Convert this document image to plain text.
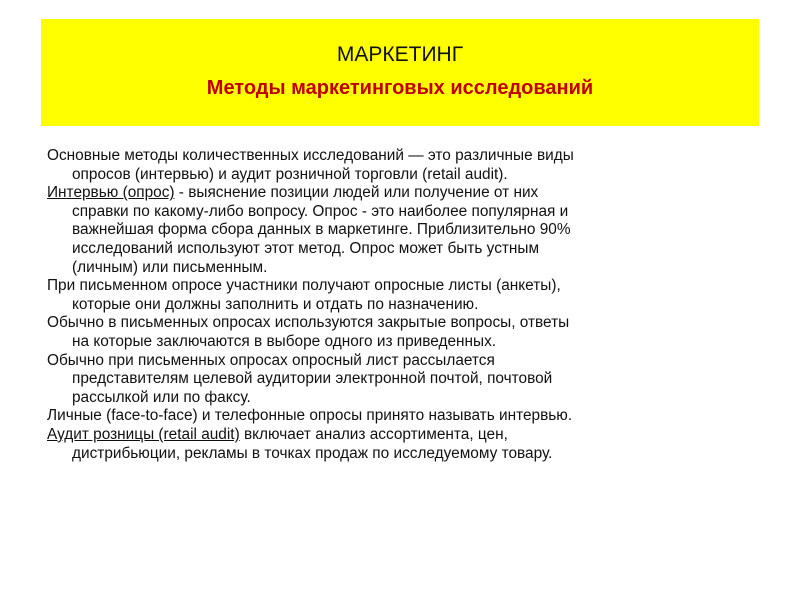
МАРКЕТИНГ
Методы маркетинговых исследований

Основные методы количественных исследований — это различные виды
опросов (интервью) и аудит розничной торговли (retail audit).

Интервью (опрос) - выяснение позиции людей или получение от них
справки по какому-либо вопросу. Опрос - это наиболее популярная и
важнейшая форма сбора данных в маркетинге. Приблизительно 90%
исследований используют этот метод. Опрос может быть устным
(личным) или письменным.

При письменном опросе участники получают опросные листы (анкеты),
которые они должны заполнить и отдать по назначению.

Обычно в письменных опросах используются закрытые вопросы, ответы
на которые заключаются в выборе одного из приведенных.

Обычно при письменных опросах опросный лист рассылается
представителям целевой аудитории электронной почтой, почтовой
рассылкой или по факсу.

Личные (face-to-face) и телефонные опросы принято называть интервью.

Аудит розницы (retail audit) включает анализ ассортимента, цен,
дистрибьюции, рекламы в точках продаж по исследуемому товару.
